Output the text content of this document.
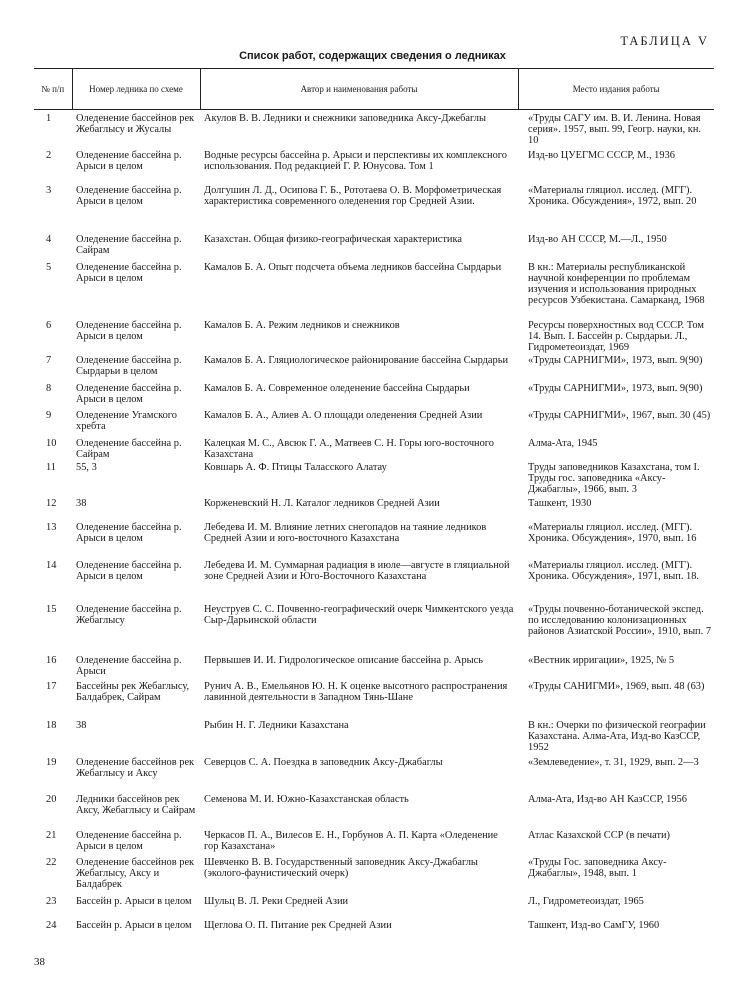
ТАБЛИЦА V
Список работ, содержащих сведения о ледниках
№ п/п	Номер ледника по схеме	Автор и наименования работы	Место издания работы
1	Оледенение бассейнов рек Жебаглысу и Жусалы	Акулов В. В. Ледники и снежники заповедника Аксу-Джебаглы	«Труды САГУ им. В. И. Ленина. Новая серия». 1957, вып. 99, Геогр. науки, кн. 10
2	Оледенение бассейна р. Арыси в целом	Водные ресурсы бассейна р. Арыси и перспективы их комплексного использования. Под редакцией Г. Р. Юнусова. Том 1	Изд-во ЦУЕГМС СССР, М., 1936
3	Оледенение бассейна р. Арыси в целом	Долгушин Л. Д., Осипова Г. Б., Рототаева О. В. Морфометрическая характеристика современного оледенения гор Средней Азии.	«Материалы гляциол. исслед. (МГГ). Хроника. Обсуждения», 1972, вып. 20
4	Оледенение бассейна р. Сайрам	Казахстан. Общая физико-географическая характеристика	Изд-во АН СССР, М.—Л., 1950
5	Оледенение бассейна р. Арыси в целом	Камалов Б. А. Опыт подсчета объема ледников бассейна Сырдарьи	В кн.: Материалы республиканской научной конференции по проблемам изучения и использования природных ресурсов Узбекистана. Самарканд, 1968
6	Оледенение бассейна р. Арыси в целом	Камалов Б. А. Режим ледников и снежников	Ресурсы поверхностных вод СССР. Том 14. Вып. I. Бассейн р. Сырдарьи. Л., Гидрометеоиздат, 1969
7	Оледенение бассейна р. Сырдарьи в целом	Камалов Б. А. Гляциологическое районирование бассейна Сырдарьи	«Труды САРНИГМИ», 1973, вып. 9(90)
8	Оледенение бассейна р. Арыси в целом	Камалов Б. А. Современное оледенение бассейна Сырдарьи	«Труды САРНИГМИ», 1973, вып. 9(90)
9	Оледенение Угамского хребта	Камалов Б. А., Алиев А. О площади оледенения Средней Азии	«Труды САРНИГМИ», 1967, вып. 30 (45)
10	Оледенение бассейна р. Сайрам	Калецкая М. С., Авсюк Г. А., Матвеев С. Н. Горы юго-восточного Казахстана	Алма-Ата, 1945
11	55, 3	Ковшарь А. Ф. Птицы Таласского Алатау	Труды заповедников Казахстана, том I. Труды гос. заповедника «Аксу-Джабаглы», 1966, вып. 3
12	38	Корженевский Н. Л. Каталог ледников Средней Азии	Ташкент, 1930
13	Оледенение бассейна р. Арыси в целом	Лебедева И. М. Влияние летних снегопадов на таяние ледников Средней Азии и юго-восточного Казахстана	«Материалы гляциол. исслед. (МГГ). Хроника. Обсуждения», 1970, вып. 16
14	Оледенение бассейна р. Арыси в целом	Лебедева И. М. Суммарная радиация в июле—августе в гляциальной зоне Средней Азии и Юго-Восточного Казахстана	«Материалы гляциол. исслед. (МГГ). Хроника. Обсуждения», 1971, вып. 18.
15	Оледенение бассейна р. Жебаглысу	Неуструев С. С. Почвенно-географический очерк Чимкентского уезда Сыр-Дарьинской области	«Труды почвенно-ботанической экспед. по исследованию колонизационных районов Азиатской России», 1910, вып. 7
16	Оледенение бассейна р. Арыси	Первышев И. И. Гидрологическое описание бассейна р. Арысь	«Вестник ирригации», 1925, № 5
17	Бассейны рек Жебаглысу, Балдабрек, Сайрам	Рунич А. В., Емельянов Ю. Н. К оценке высотного распространения лавинной деятельности в Западном Тянь-Шане	«Труды САНИГМИ», 1969, вып. 48 (63)
18	38	Рыбин Н. Г. Ледники Казахстана	В кн.: Очерки по физической географии Казахстана. Алма-Ата, Изд-во КазССР, 1952
19	Оледенение бассейнов рек Жебаглысу и Аксу	Северцов С. А. Поездка в заповедник Аксу-Джабаглы	«Землеведение», т. 31, 1929, вып. 2—3
20	Ледники бассейнов рек Аксу, Жебаглысу и Сайрам	Семенова М. И. Южно-Казахстанская область	Алма-Ата, Изд-во АН КазССР, 1956
21	Оледенение бассейна р. Арыси в целом	Черкасов П. А., Вилесов Е. Н., Горбунов А. П. Карта «Оледенение гор Казахстана»	Атлас Казахской ССР (в печати)
22	Оледенение бассейнов рек Жебаглысу, Аксу и Балдабрек	Шевченко В. В. Государственный заповедник Аксу-Джабаглы (эколого-фаунистический очерк)	«Труды Гос. заповедника Аксу-Джабаглы», 1948, вып. 1
23	Бассейн р. Арыси в целом	Шульц В. Л. Реки Средней Азии	Л., Гидрометеоиздат, 1965
24	Бассейн р. Арыси в целом	Щеглова О. П. Питание рек Средней Азии	Ташкент, Изд-во СамГУ, 1960
38
